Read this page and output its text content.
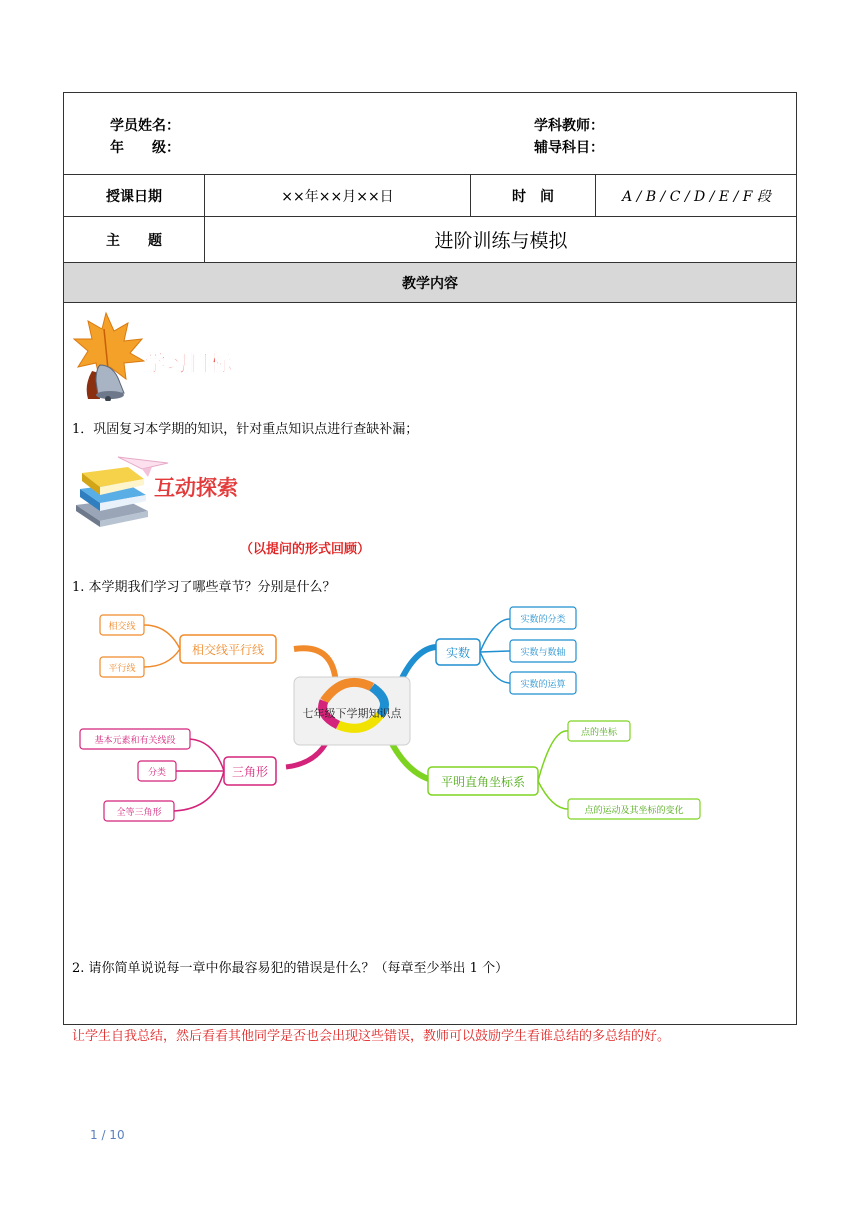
学员姓名：
年　　级：
学科教师：
辅导科目：
授课日期	××年××月××日	时　间	A / B / C / D / E / F 段
主　　题	进阶训练与模拟
教学内容
学习目标
1．巩固复习本学期的知识，针对重点知识点进行查缺补漏；
互动探索
（以提问的形式回顾）
1. 本学期我们学习了哪些章节？分别是什么？
七年级下学期知识点
相交线平行线
相交线
平行线
实数
实数的分类
实数与数轴
实数的运算
三角形
基本元素和有关线段
分类
全等三角形
平明直角坐标系
点的坐标
点的运动及其坐标的变化
2. 请你简单说说每一章中你最容易犯的错误是什么？（每章至少举出 1 个）
让学生自我总结，然后看看其他同学是否也会出现这些错误，教师可以鼓励学生看谁总结的多总结的好。
1 / 10
